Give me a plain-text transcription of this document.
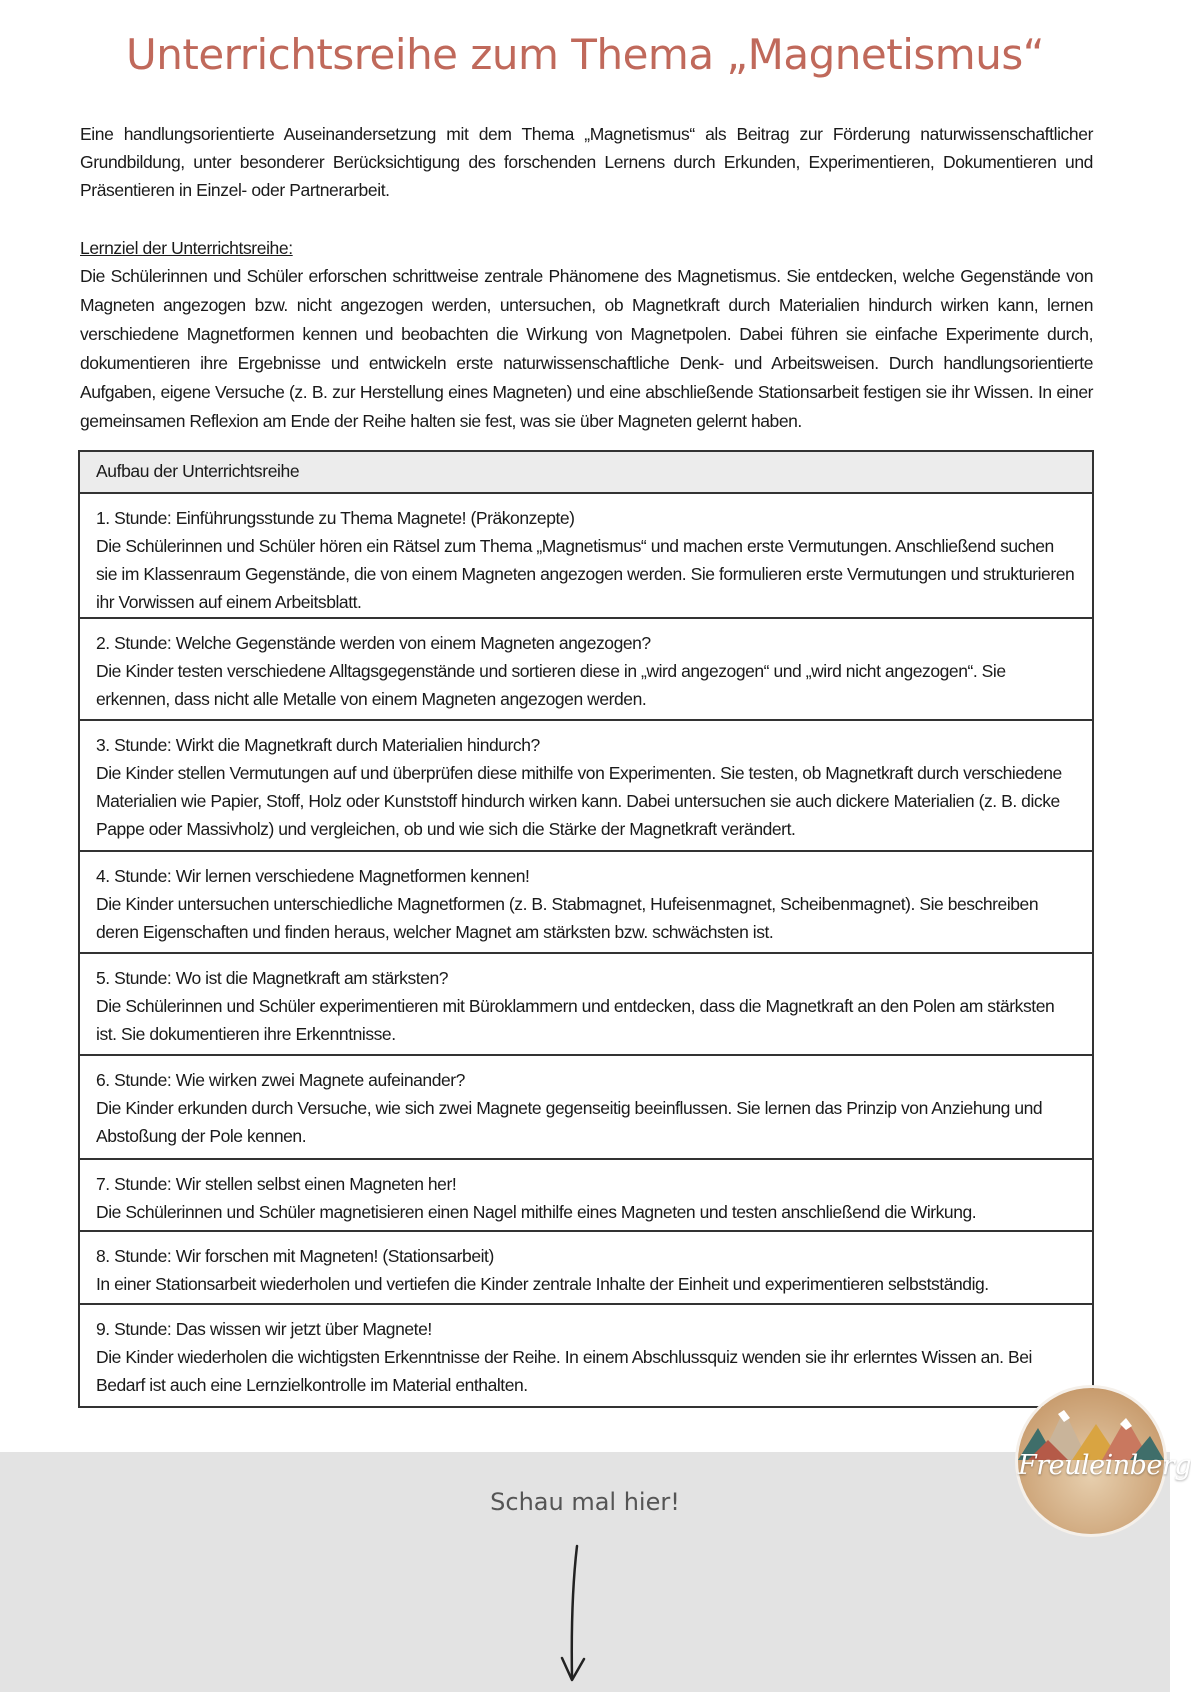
Unterrichtsreihe zum Thema „Magnetismus“

Eine handlungsorientierte Auseinandersetzung mit dem Thema „Magnetismus“ als Beitrag zur Förderung naturwissenschaftlicher Grundbildung, unter besonderer Berücksichtigung des forschenden Lernens durch Erkunden, Experimentieren, Dokumentieren und Präsentieren in Einzel- oder Partnerarbeit.

Lernziel der Unterrichtsreihe:

Die Schülerinnen und Schüler erforschen schrittweise zentrale Phänomene des Magnetismus. Sie entdecken, welche Gegenstände von Magneten angezogen bzw. nicht angezogen werden, untersuchen, ob Magnetkraft durch Materialien hindurch wirken kann, lernen verschiedene Magnetformen kennen und beobachten die Wirkung von Magnetpolen. Dabei führen sie einfache Experimente durch, dokumentieren ihre Ergebnisse und entwickeln erste naturwissenschaftliche Denk- und Arbeitsweisen. Durch handlungsorientierte Aufgaben, eigene Versuche (z. B. zur Herstellung eines Magneten) und eine abschließende Stationsarbeit festigen sie ihr Wissen. In einer gemeinsamen Reflexion am Ende der Reihe halten sie fest, was sie über Magneten gelernt haben.

Aufbau der Unterrichtsreihe
1. Stunde: Einführungsstunde zu Thema Magnete! (Präkonzepte)
Die Schülerinnen und Schüler hören ein Rätsel zum Thema „Magnetismus“ und machen erste Vermutungen. Anschließend suchen sie im Klassenraum Gegenstände, die von einem Magneten angezogen werden. Sie formulieren erste Vermutungen und strukturieren ihr Vorwissen auf einem Arbeitsblatt.
2. Stunde: Welche Gegenstände werden von einem Magneten angezogen?
Die Kinder testen verschiedene Alltagsgegenstände und sortieren diese in „wird angezogen“ und „wird nicht angezogen“. Sie erkennen, dass nicht alle Metalle von einem Magneten angezogen werden.
3. Stunde: Wirkt die Magnetkraft durch Materialien hindurch?
Die Kinder stellen Vermutungen auf und überprüfen diese mithilfe von Experimenten. Sie testen, ob Magnetkraft durch verschiedene Materialien wie Papier, Stoff, Holz oder Kunststoff hindurch wirken kann. Dabei untersuchen sie auch dickere Materialien (z. B. dicke Pappe oder Massivholz) und vergleichen, ob und wie sich die Stärke der Magnetkraft verändert.
4. Stunde: Wir lernen verschiedene Magnetformen kennen!
Die Kinder untersuchen unterschiedliche Magnetformen (z. B. Stabmagnet, Hufeisenmagnet, Scheibenmagnet). Sie beschreiben deren Eigenschaften und finden heraus, welcher Magnet am stärksten bzw. schwächsten ist.
5. Stunde: Wo ist die Magnetkraft am stärksten?
Die Schülerinnen und Schüler experimentieren mit Büroklammern und entdecken, dass die Magnetkraft an den Polen am stärksten ist. Sie dokumentieren ihre Erkenntnisse.
6. Stunde: Wie wirken zwei Magnete aufeinander?
Die Kinder erkunden durch Versuche, wie sich zwei Magnete gegenseitig beeinflussen. Sie lernen das Prinzip von Anziehung und Abstoßung der Pole kennen.
7. Stunde: Wir stellen selbst einen Magneten her!
Die Schülerinnen und Schüler magnetisieren einen Nagel mithilfe eines Magneten und testen anschließend die Wirkung.
8. Stunde: Wir forschen mit Magneten! (Stationsarbeit)
In einer Stationsarbeit wiederholen und vertiefen die Kinder zentrale Inhalte der Einheit und experimentieren selbstständig.
9. Stunde: Das wissen wir jetzt über Magnete!
Die Kinder wiederholen die wichtigsten Erkenntnisse der Reihe. In einem Abschlussquiz wenden sie ihr erlerntes Wissen an. Bei Bedarf ist auch eine Lernzielkontrolle im Material enthalten.
Schau mal hier!
Freuleinberg
